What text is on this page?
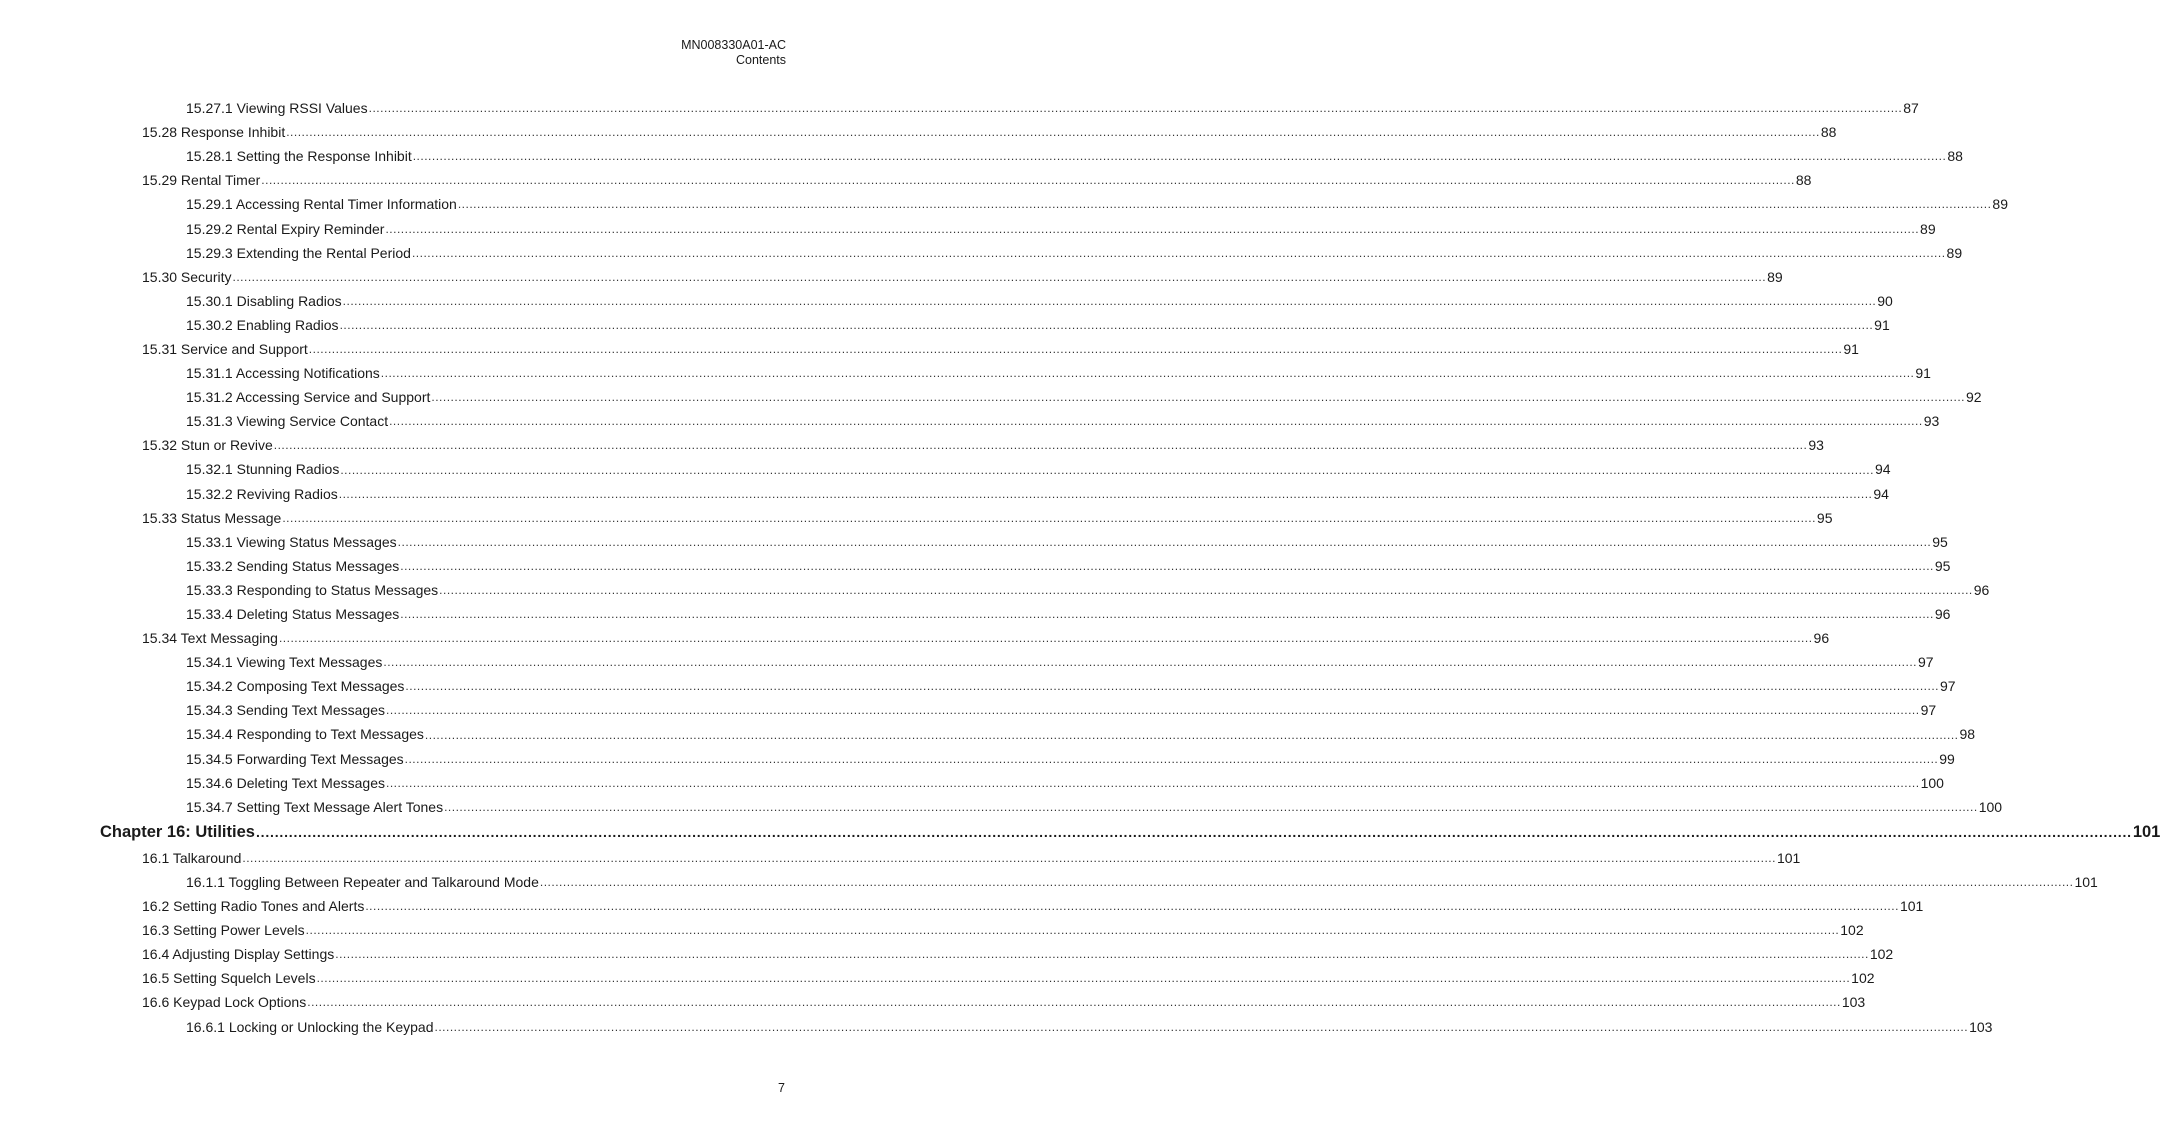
MN008330A01-AC
Contents
15.27.1 Viewing RSSI Values ................................................................................................................................................................................................................................................................................................................................................................................................................ 87
15.28 Response Inhibit ................................................................................................................................................................................................................................................................................................................................................................................................................ 88
15.28.1 Setting the Response Inhibit ................................................................................................................................................................................................................................................................................................................................................................................................................ 88
15.29 Rental Timer ................................................................................................................................................................................................................................................................................................................................................................................................................ 88
15.29.1 Accessing Rental Timer Information ................................................................................................................................................................................................................................................................................................................................................................................................................ 89
15.29.2 Rental Expiry Reminder ................................................................................................................................................................................................................................................................................................................................................................................................................ 89
15.29.3 Extending the Rental Period ................................................................................................................................................................................................................................................................................................................................................................................................................ 89
15.30 Security ................................................................................................................................................................................................................................................................................................................................................................................................................ 89
15.30.1 Disabling Radios ................................................................................................................................................................................................................................................................................................................................................................................................................ 90
15.30.2 Enabling Radios ................................................................................................................................................................................................................................................................................................................................................................................................................ 91
15.31 Service and Support ................................................................................................................................................................................................................................................................................................................................................................................................................ 91
15.31.1 Accessing Notifications ................................................................................................................................................................................................................................................................................................................................................................................................................ 91
15.31.2 Accessing Service and Support ................................................................................................................................................................................................................................................................................................................................................................................................................ 92
15.31.3 Viewing Service Contact ................................................................................................................................................................................................................................................................................................................................................................................................................ 93
15.32 Stun or Revive ................................................................................................................................................................................................................................................................................................................................................................................................................ 93
15.32.1 Stunning Radios ................................................................................................................................................................................................................................................................................................................................................................................................................ 94
15.32.2 Reviving Radios ................................................................................................................................................................................................................................................................................................................................................................................................................ 94
15.33 Status Message ................................................................................................................................................................................................................................................................................................................................................................................................................ 95
15.33.1 Viewing Status Messages ................................................................................................................................................................................................................................................................................................................................................................................................................ 95
15.33.2 Sending Status Messages ................................................................................................................................................................................................................................................................................................................................................................................................................ 95
15.33.3 Responding to Status Messages ................................................................................................................................................................................................................................................................................................................................................................................................................ 96
15.33.4 Deleting Status Messages ................................................................................................................................................................................................................................................................................................................................................................................................................ 96
15.34 Text Messaging ................................................................................................................................................................................................................................................................................................................................................................................................................ 96
15.34.1 Viewing Text Messages ................................................................................................................................................................................................................................................................................................................................................................................................................ 97
15.34.2 Composing Text Messages ................................................................................................................................................................................................................................................................................................................................................................................................................ 97
15.34.3 Sending Text Messages ................................................................................................................................................................................................................................................................................................................................................................................................................ 97
15.34.4 Responding to Text Messages ................................................................................................................................................................................................................................................................................................................................................................................................................ 98
15.34.5 Forwarding Text Messages ................................................................................................................................................................................................................................................................................................................................................................................................................ 99
15.34.6 Deleting Text Messages ................................................................................................................................................................................................................................................................................................................................................................................................................ 100
15.34.7 Setting Text Message Alert Tones ................................................................................................................................................................................................................................................................................................................................................................................................................ 100
Chapter 16: Utilities ................................................................................................................................................................................................................................................................................................................................................................................................................ 101
16.1 Talkaround ................................................................................................................................................................................................................................................................................................................................................................................................................ 101
16.1.1 Toggling Between Repeater and Talkaround Mode ................................................................................................................................................................................................................................................................................................................................................................................................................ 101
16.2 Setting Radio Tones and Alerts ................................................................................................................................................................................................................................................................................................................................................................................................................ 101
16.3 Setting Power Levels ................................................................................................................................................................................................................................................................................................................................................................................................................ 102
16.4 Adjusting Display Settings ................................................................................................................................................................................................................................................................................................................................................................................................................ 102
16.5 Setting Squelch Levels ................................................................................................................................................................................................................................................................................................................................................................................................................ 102
16.6 Keypad Lock Options ................................................................................................................................................................................................................................................................................................................................................................................................................ 103
16.6.1 Locking or Unlocking the Keypad ................................................................................................................................................................................................................................................................................................................................................................................................................ 103
7
